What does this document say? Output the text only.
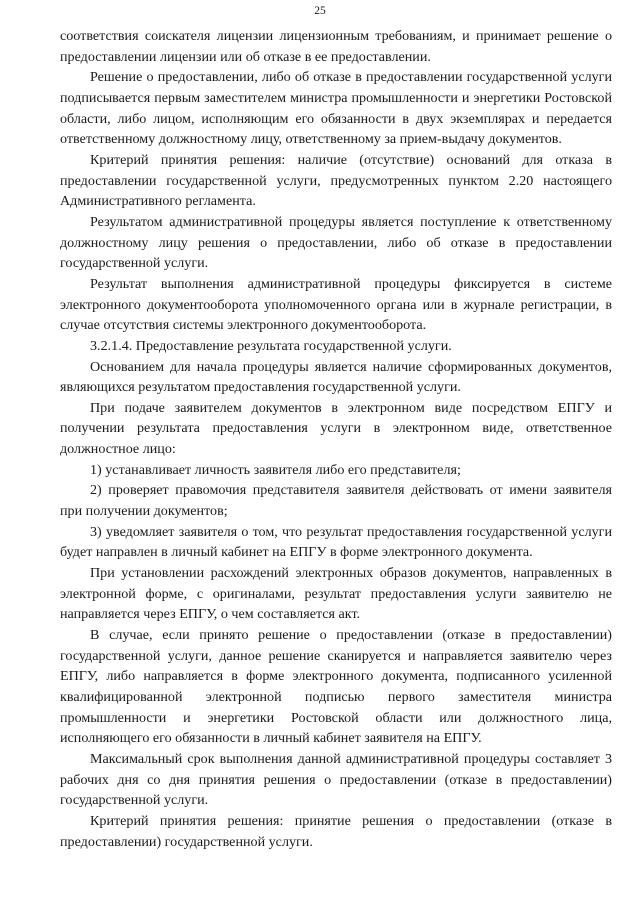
25

соответствия соискателя лицензии лицензионным требованиям, и принимает решение о предоставлении лицензии или об отказе в ее предоставлении.

Решение о предоставлении, либо об отказе в предоставлении государственной услуги подписывается первым заместителем министра промышленности и энергетики Ростовской области, либо лицом, исполняющим его обязанности в двух экземплярах и передается ответственному должностному лицу, ответственному за прием-выдачу документов.

Критерий принятия решения: наличие (отсутствие) оснований для отказа в предоставлении государственной услуги, предусмотренных пунктом 2.20 настоящего Административного регламента.

Результатом административной процедуры является поступление к ответственному должностному лицу решения о предоставлении, либо об отказе в предоставлении государственной услуги.

Результат выполнения административной процедуры фиксируется в системе электронного документооборота уполномоченного органа или в журнале регистрации, в случае отсутствия системы электронного документооборота.

3.2.1.4. Предоставление результата государственной услуги.

Основанием для начала процедуры является наличие сформированных документов, являющихся результатом предоставления государственной услуги.

При подаче заявителем документов в электронном виде посредством ЕПГУ и получении результата предоставления услуги в электронном виде, ответственное должностное лицо:

1) устанавливает личность заявителя либо его представителя;

2) проверяет правомочия представителя заявителя действовать от имени заявителя при получении документов;

3) уведомляет заявителя о том, что результат предоставления государственной услуги будет направлен в личный кабинет на ЕПГУ в форме электронного документа.

При установлении расхождений электронных образов документов, направленных в электронной форме, с оригиналами, результат предоставления услуги заявителю не направляется через ЕПГУ, о чем составляется акт.

В случае, если принято решение о предоставлении (отказе в предоставлении) государственной услуги, данное решение сканируется и направляется заявителю через ЕПГУ, либо направляется в форме электронного документа, подписанного усиленной квалифицированной электронной подписью первого заместителя министра промышленности и энергетики Ростовской области или должностного лица, исполняющего его обязанности в личный кабинет заявителя на ЕПГУ.

Максимальный срок выполнения данной административной процедуры составляет 3 рабочих дня со дня принятия решения о предоставлении (отказе в предоставлении) государственной услуги.

Критерий принятия решения: принятие решения о предоставлении (отказе в предоставлении) государственной услуги.
